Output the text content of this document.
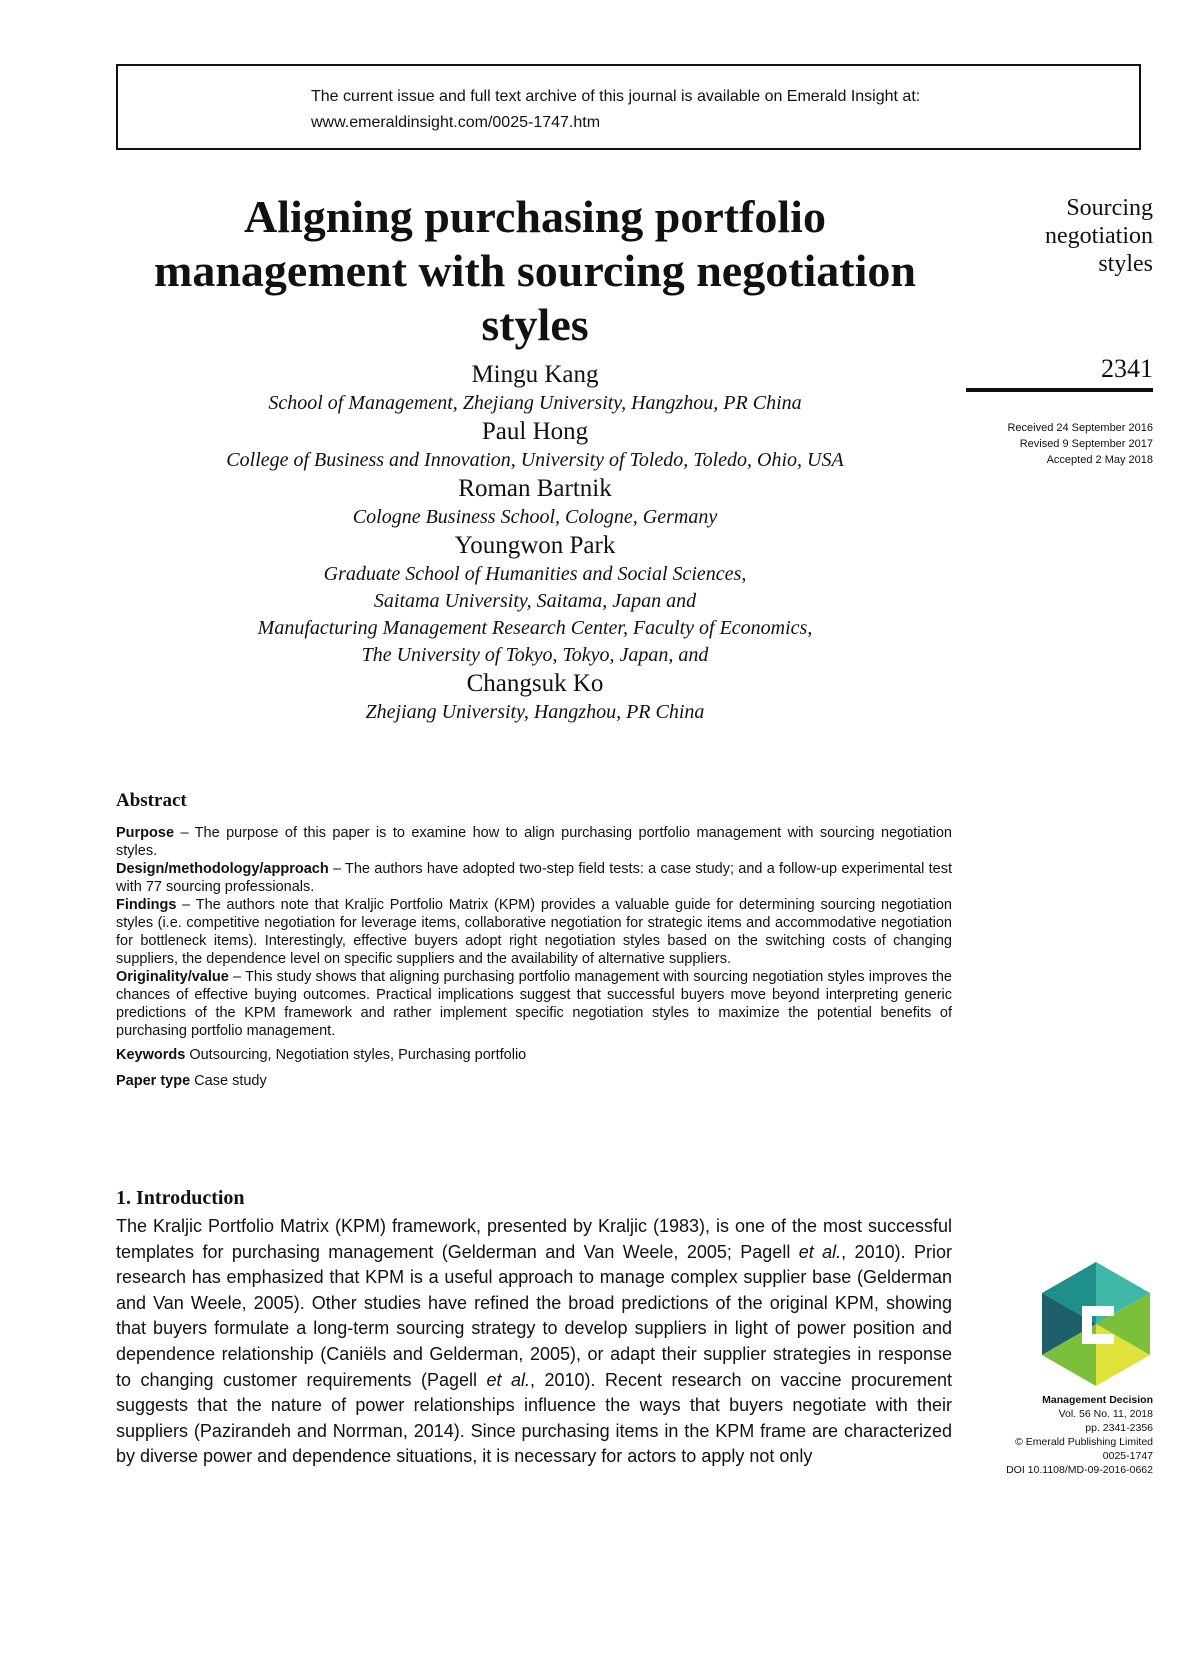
The current issue and full text archive of this journal is available on Emerald Insight at:
www.emeraldinsight.com/0025-1747.htm
Aligning purchasing portfolio management with sourcing negotiation styles
Sourcing
negotiation
styles
2341
Received 24 September 2016
Revised 9 September 2017
Accepted 2 May 2018
Mingu Kang
School of Management, Zhejiang University, Hangzhou, PR China
Paul Hong
College of Business and Innovation, University of Toledo, Toledo, Ohio, USA
Roman Bartnik
Cologne Business School, Cologne, Germany
Youngwon Park
Graduate School of Humanities and Social Sciences,
Saitama University, Saitama, Japan and
Manufacturing Management Research Center, Faculty of Economics,
The University of Tokyo, Tokyo, Japan, and
Changsuk Ko
Zhejiang University, Hangzhou, PR China
Abstract

Purpose – The purpose of this paper is to examine how to align purchasing portfolio management with sourcing negotiation styles.

Design/methodology/approach – The authors have adopted two-step field tests: a case study; and a follow-up experimental test with 77 sourcing professionals.

Findings – The authors note that Kraljic Portfolio Matrix (KPM) provides a valuable guide for determining sourcing negotiation styles (i.e. competitive negotiation for leverage items, collaborative negotiation for strategic items and accommodative negotiation for bottleneck items). Interestingly, effective buyers adopt right negotiation styles based on the switching costs of changing suppliers, the dependence level on specific suppliers and the availability of alternative suppliers.

Originality/value – This study shows that aligning purchasing portfolio management with sourcing negotiation styles improves the chances of effective buying outcomes. Practical implications suggest that successful buyers move beyond interpreting generic predictions of the KPM framework and rather implement specific negotiation styles to maximize the potential benefits of purchasing portfolio management.

Keywords Outsourcing, Negotiation styles, Purchasing portfolio

Paper type Case study

1. Introduction

The Kraljic Portfolio Matrix (KPM) framework, presented by Kraljic (1983), is one of the most successful templates for purchasing management (Gelderman and Van Weele, 2005; Pagell et al., 2010). Prior research has emphasized that KPM is a useful approach to manage complex supplier base (Gelderman and Van Weele, 2005). Other studies have refined the broad predictions of the original KPM, showing that buyers formulate a long-term sourcing strategy to develop suppliers in light of power position and dependence relationship (Caniëls and Gelderman, 2005), or adapt their supplier strategies in response to changing customer requirements (Pagell et al., 2010). Recent research on vaccine procurement suggests that the nature of power relationships influence the ways that buyers negotiate with their suppliers (Pazirandeh and Norrman, 2014). Since purchasing items in the KPM frame are characterized by diverse power and dependence situations, it is necessary for actors to apply not only

Management Decision
Vol. 56 No. 11, 2018
pp. 2341-2356
© Emerald Publishing Limited
0025-1747
DOI 10.1108/MD-09-2016-0662
